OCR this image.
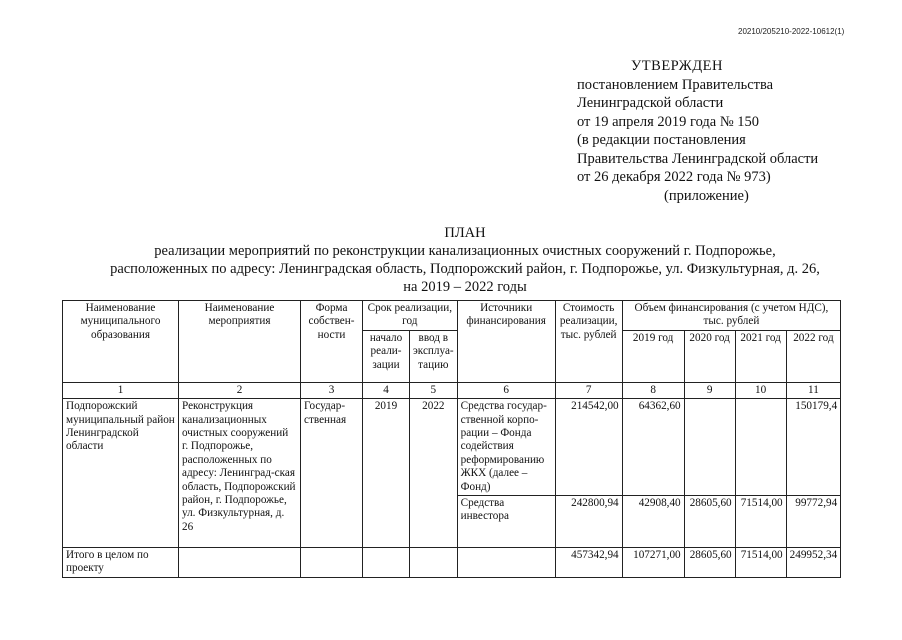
20210/205210-2022-10612(1)
УТВЕРЖДЕН
постановлением Правительства
Ленинградской области
от 19 апреля 2019 года № 150
(в редакции постановления
Правительства Ленинградской области
от 26 декабря 2022 года № 973)
(приложение)
ПЛАН
реализации мероприятий по реконструкции канализационных очистных сооружений г. Подпорожье,
расположенных по адресу: Ленинградская область, Подпорожский район, г. Подпорожье, ул. Физкультурная, д. 26,
на 2019 – 2022 годы
Наименование муниципального образования	Наименование мероприятия	Форма собствен-ности	Срок реализации, год		Источники финансирования	Стоимость реализации, тыс. рублей	Объем финансирования (с учетом НДС), тыс. рублей			
			начало реали-зации	ввод в эксплуа-тацию			2019 год	2020 год	2021 год	2022 год
1	2	3	4	5	6	7	8	9	10	11
Подпорожский муниципальный район Ленинградской области	Реконструкция канализационных очистных сооружений г. Подпорожье, расположенных по адресу: Ленинград-ская область, Подпорожский район, г. Подпорожье, ул. Физкультурная, д. 26	Государ-ственная	2019	2022	Средства государ-ственной корпо-рации – Фонда содействия реформированию ЖКХ (далее – Фонд)	214542,00	64362,60			150179,4
					Средства инвестора	242800,94	42908,40	28605,60	71514,00	99772,94
Итого в целом по проекту						457342,94	107271,00	28605,60	71514,00	249952,34
